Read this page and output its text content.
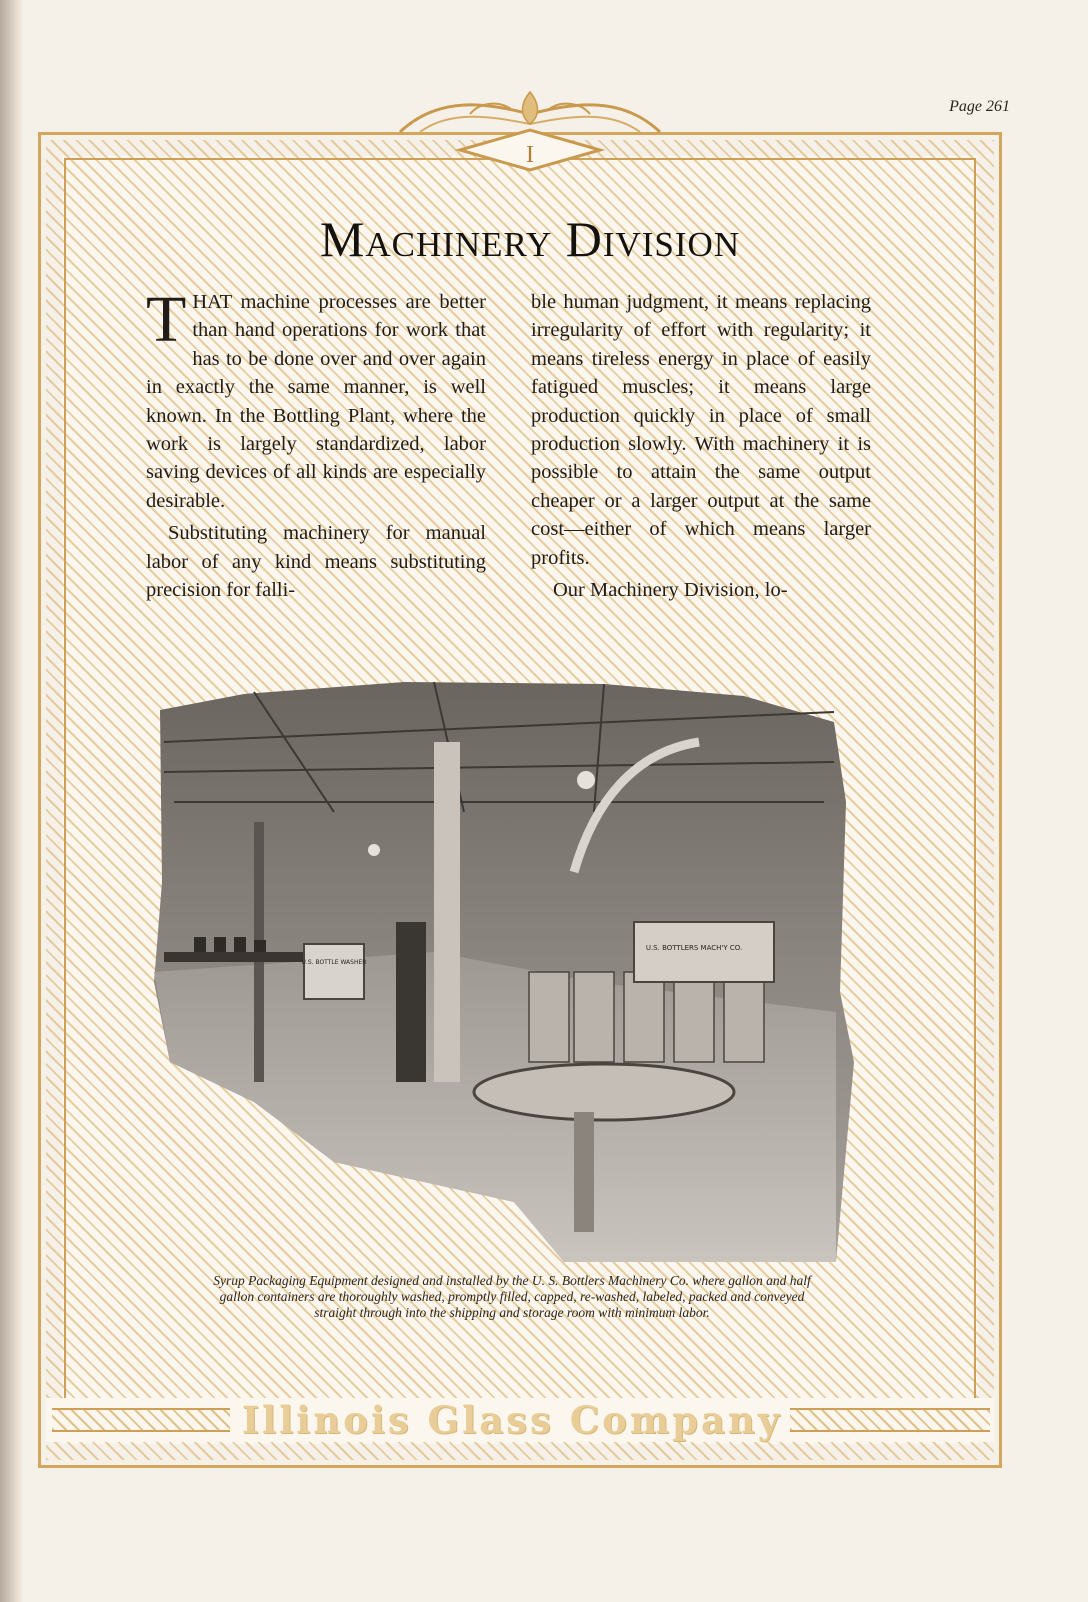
Page 261
I
Machinery Division

THAT machine processes are better than hand operations for work that has to be done over and over again in exactly the same manner, is well known. In the Bottling Plant, where the work is largely standardized, labor saving devices of all kinds are especially desirable.

Substituting machinery for manual labor of any kind means substituting precision for falli-

ble human judgment, it means replacing irregularity of effort with regularity; it means tireless energy in place of easily fatigued muscles; it means large production quickly in place of small production slowly. With machinery it is possible to attain the same output cheaper or a larger output at the same cost—either of which means larger profits.

Our Machinery Division, lo-

U.S. BOTTLE WASHER
U.S. BOTTLERS MACH'Y CO.
Syrup Packaging Equipment designed and installed by the U. S. Bottlers Machinery Co. where gallon and half gallon containers are thoroughly washed, promptly filled, capped, re-washed, labeled, packed and conveyed straight through into the shipping and storage room with minimum labor.
Illinois Glass Company
